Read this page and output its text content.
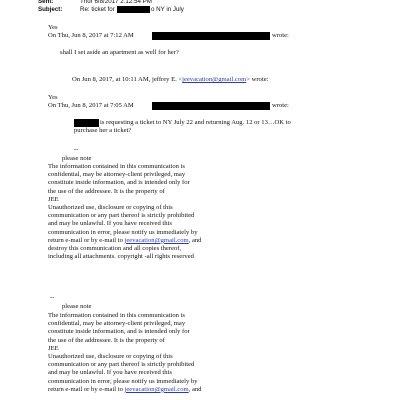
Sent:	Thur 6/8/2017 2:12:54 PM
Subject:	Re: ticket for	o NY in July
Yes
On Thu, Jun 8, 2017 at 7:12 AM	wrote:
shall I set aside an apartment as well for her?
On Jun 8, 2017, at 10:11 AM, jeffrey E. <jeevacation@gmail.com> wrote:
Yes
On Thu, Jun 8, 2017 at 7:05 AM	wrote:
is requesting a ticket to NY July 22 and returning Aug. 12 or 13…OK to
purchase her a ticket?
--
please note
The information contained in this communication is
confidential, may be attorney-client privileged, may
constitute inside information, and is intended only for
the use of the addressee. It is the property of
JEE
Unauthorized use, disclosure or copying of this
communication or any part thereof is strictly prohibited
and may be unlawful. If you have received this
communication in error, please notify us immediately by
return e-mail or by e-mail to jeevacation@gmail.com, and
destroy this communication and all copies thereof,
including all attachments. copyright -all rights reserved
--
please note
The information contained in this communication is
confidential, may be attorney-client privileged, may
constitute inside information, and is intended only for
the use of the addressee. It is the property of
JEE
Unauthorized use, disclosure or copying of this
communication or any part thereof is strictly prohibited
and may be unlawful. If you have received this
communication in error, please notify us immediately by
return e-mail or by e-mail to jeevacation@gmail.com, and
